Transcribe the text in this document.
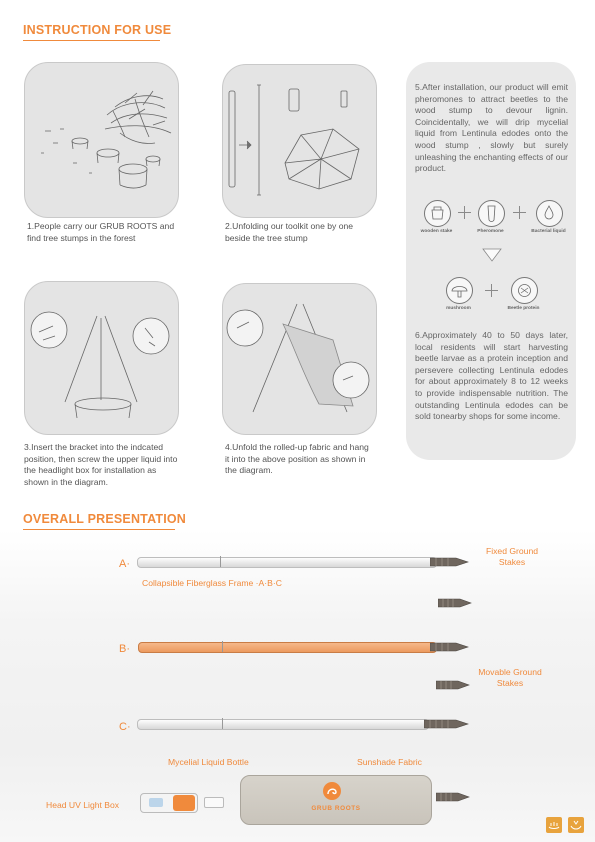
INSTRUCTION FOR USE
1.People carry our GRUB ROOTS and find tree stumps in the forest
2.Unfolding our toolkit one by one beside the tree stump
3.Insert the bracket into the indcated position, then screw the upper liquid into the headlight box for installation as shown in the diagram.
4.Unfold the rolled-up fabric and hang it into the above position as shown in the diagram.
5.After installation, our product will emit pheromones to attract beetles to the wood stump to devour lignin. Coincidentally, we will drip mycelial liquid from Lentinula edodes onto the wood stump , slowly but surely unleashing the enchanting effects of our product.
wooden stake	Pheromone	Bacterial liquid
mushroom	Beetle protein
6.Approximately 40 to 50 days later, local residents will start harvesting beetle larvae as a protein inception and persevere collecting Lentinula edodes for about approximately 8 to 12 weeks to provide indispensable nutrition. The outstanding Lentinula edodes can be sold tonearby shops for some income.
OVERALL PRESENTATION
A·
Collapsible Fiberglass Frame ·A·B·C
Fixed Ground Stakes
B·
Movable Ground Stakes
C·
Mycelial Liquid Bottle	Sunshade Fabric
Head UV Light Box	GRUB ROOTS
